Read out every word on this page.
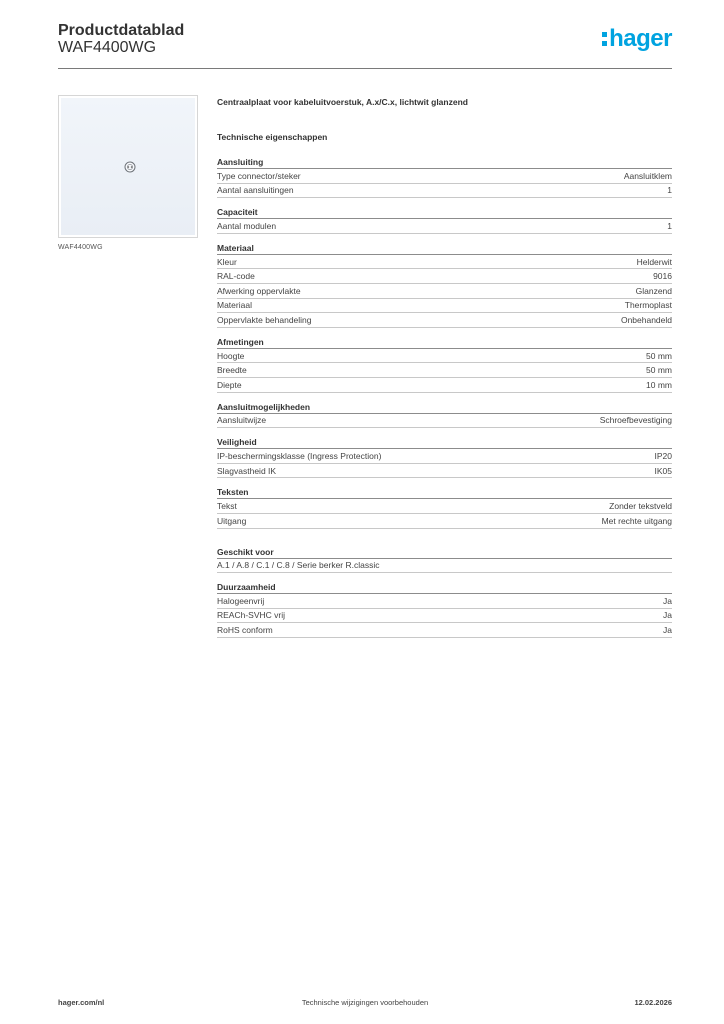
Productdatablad
WAF4400WG	hager
WAF4400WG
Centraalplaat voor kabeluitvoerstuk, A.x/C.x, lichtwit glanzend
Technische eigenschappen
Aansluiting
Type connector/steker	Aansluitklem
Aantal aansluitingen	1
Capaciteit
Aantal modulen	1
Materiaal
Kleur	Helderwit
RAL-code	9016
Afwerking oppervlakte	Glanzend
Materiaal	Thermoplast
Oppervlakte behandeling	Onbehandeld
Afmetingen
Hoogte	50 mm
Breedte	50 mm
Diepte	10 mm
Aansluitmogelijkheden
Aansluitwijze	Schroefbevestiging
Veiligheid
IP-beschermingsklasse (Ingress Protection)	IP20
Slagvastheid IK	IK05
Teksten
Tekst	Zonder tekstveld
Uitgang	Met rechte uitgang
Geschikt voor
A.1 / A.8 / C.1 / C.8 / Serie berker R.classic
Duurzaamheid
Halogeenvrij	Ja
REACh-SVHC vrij	Ja
RoHS conform	Ja
hager.com/nl	Technische wijzigingen voorbehouden	12.02.2026
